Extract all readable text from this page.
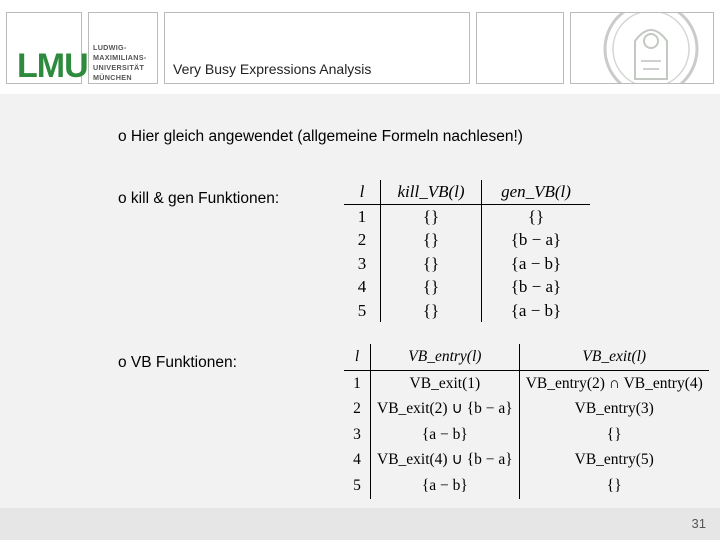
LMU LUDWIG-
MAXIMILIANS-
UNIVERSITÄT
MÜNCHEN
Very Busy Expressions Analysis
o Hier gleich angewendet (allgemeine Formeln nachlesen!)
o kill & gen Funktionen:
o VB Funktionen:
l	kill_VB(l)	gen_VB(l)
1	{}	{}
2	{}	{b − a}
3	{}	{a − b}
4	{}	{b − a}
5	{}	{a − b}
l	VB_entry(l)	VB_exit(l)
1	VB_exit(1)	VB_entry(2) ∩ VB_entry(4)
2	VB_exit(2) ∪ {b − a}	VB_entry(3)
3	{a − b}	{}
4	VB_exit(4) ∪ {b − a}	VB_entry(5)
5	{a − b}	{}
31
